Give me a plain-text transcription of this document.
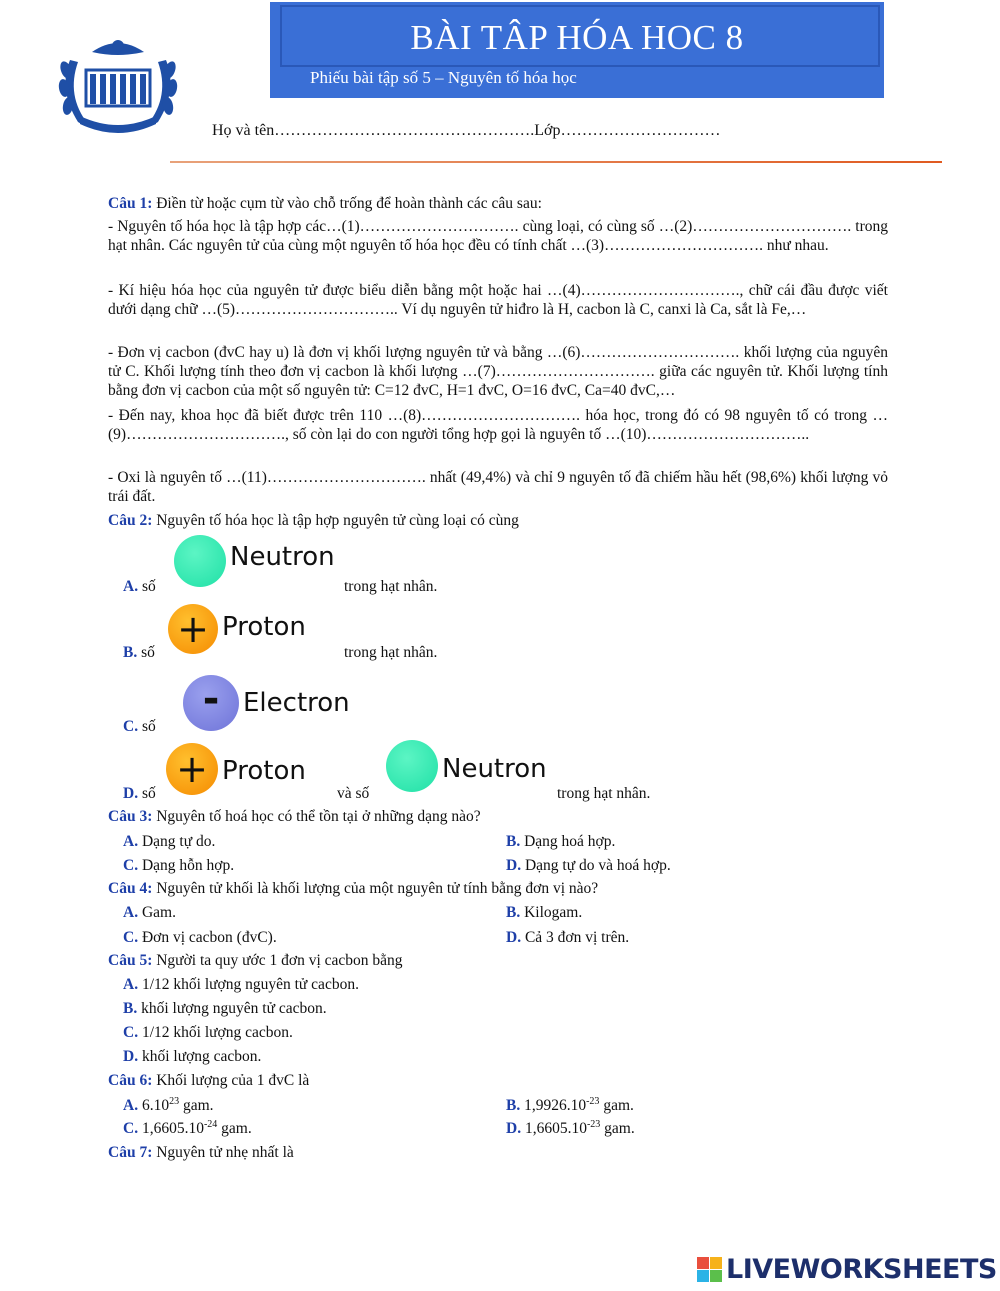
2019
BÀI TÂP HÓA HOC 8
Phiếu bài tập số 5 – Nguyên tố hóa học
Họ và tên………………………………………….Lớp…………………………
Câu 1: Điền từ hoặc cụm từ vào chỗ trống để hoàn thành các câu sau:
- Nguyên tố hóa học là tập hợp các…(1)…………………………. cùng loại, có cùng số …(2)…………………………. trong hạt nhân. Các nguyên tử của cùng một nguyên tố hóa học đều có tính chất …(3)…………………………. như nhau.
- Kí hiệu hóa học của nguyên tử được biểu diễn bằng một hoặc hai …(4)…………………………., chữ cái đầu được viết dưới dạng chữ …(5)………………………….. Ví dụ nguyên tử hiđro là H, cacbon là C, canxi là Ca, sắt là Fe,…
- Đơn vị cacbon (đvC hay u) là đơn vị khối lượng nguyên tử và bằng …(6)…………………………. khối lượng của nguyên tử C. Khối lượng tính theo đơn vị cacbon là khối lượng …(7)…………………………. giữa các nguyên tử. Khối lượng tính bằng đơn vị cacbon của một số nguyên tử: C=12 đvC, H=1 đvC, O=16 đvC, Ca=40 đvC,…
- Đến nay, khoa học đã biết được trên 110 …(8)…………………………. hóa học, trong đó có 98 nguyên tố có trong …(9)…………………………., số còn lại do con người tổng hợp gọi là nguyên tố …(10)…………………………..
- Oxi là nguyên tố …(11)…………………………. nhất (49,4%) và chỉ 9 nguyên tố đã chiếm hầu hết (98,6%) khối lượng vỏ trái đất.
Câu 2: Nguyên tố hóa học là tập hợp nguyên tử cùng loại có cùng
A. số
Neutron
trong hạt nhân.
B. số
+ Proton
trong hạt nhân.
C. số
- Electron
D. số
+ Proton
và số
Neutron
trong hạt nhân.
Câu 3: Nguyên tố hoá học có thể tồn tại ở những dạng nào?
A. Dạng tự do.	B. Dạng hoá hợp.
C. Dạng hỗn hợp.	D. Dạng tự do và hoá hợp.
Câu 4: Nguyên tử khối là khối lượng của một nguyên tử tính bằng đơn vị nào?
A. Gam.	B. Kilogam.
C. Đơn vị cacbon (đvC).	D. Cả 3 đơn vị trên.
Câu 5: Người ta quy ước 1 đơn vị cacbon bằng
A. 1/12 khối lượng nguyên tử cacbon.
B. khối lượng nguyên tử cacbon.
C. 1/12 khối lượng cacbon.
D. khối lượng cacbon.
Câu 6: Khối lượng của 1 đvC là
A. 6.10$^{23}$ gam.	B. $1,9926.10^{-23}$ gam.
C. $1,6605.10^{-24}$ gam.	D. $1,6605.10^{-23}$ gam.
Câu 7: Nguyên tử nhẹ nhất là
LIVEWORKSHEETS
